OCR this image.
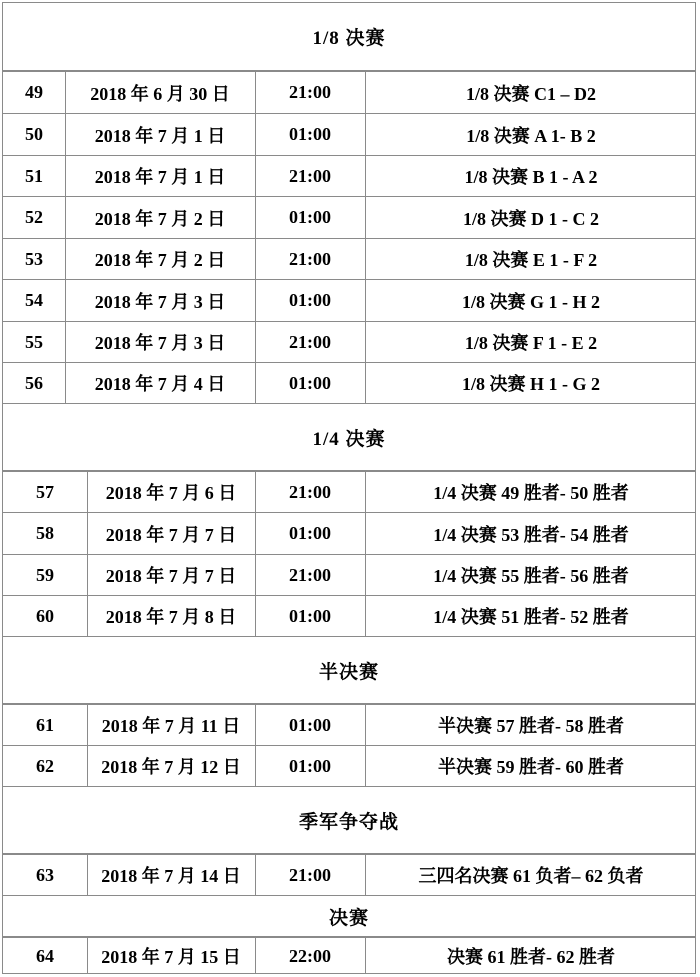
1/8 决赛
49	2018 年 6 月 30 日	21:00	1/8 决赛 C1 – D2
50	2018 年 7 月 1 日	01:00	1/8 决赛 A 1- B 2
51	2018 年 7 月 1 日	21:00	1/8 决赛 B 1 - A 2
52	2018 年 7 月 2 日	01:00	1/8 决赛 D 1 - C 2
53	2018 年 7 月 2 日	21:00	1/8 决赛 E 1 - F 2
54	2018 年 7 月 3 日	01:00	1/8 决赛 G 1 - H 2
55	2018 年 7 月 3 日	21:00	1/8 决赛 F 1 - E 2
56	2018 年 7 月 4 日	01:00	1/8 决赛 H 1 - G 2
1/4 决赛
57	2018 年 7 月 6 日	21:00	1/4 决赛 49 胜者- 50 胜者
58	2018 年 7 月 7 日	01:00	1/4 决赛 53 胜者- 54 胜者
59	2018 年 7 月 7 日	21:00	1/4 决赛 55 胜者- 56 胜者
60	2018 年 7 月 8 日	01:00	1/4 决赛 51 胜者- 52 胜者
半决赛
61	2018 年 7 月 11 日	01:00	半决赛 57 胜者- 58 胜者
62	2018 年 7 月 12 日	01:00	半决赛 59 胜者- 60 胜者
季军争夺战
63	2018 年 7 月 14 日	21:00	三四名决赛 61 负者– 62 负者
决赛
64	2018 年 7 月 15 日	22:00	决赛 61 胜者- 62 胜者
